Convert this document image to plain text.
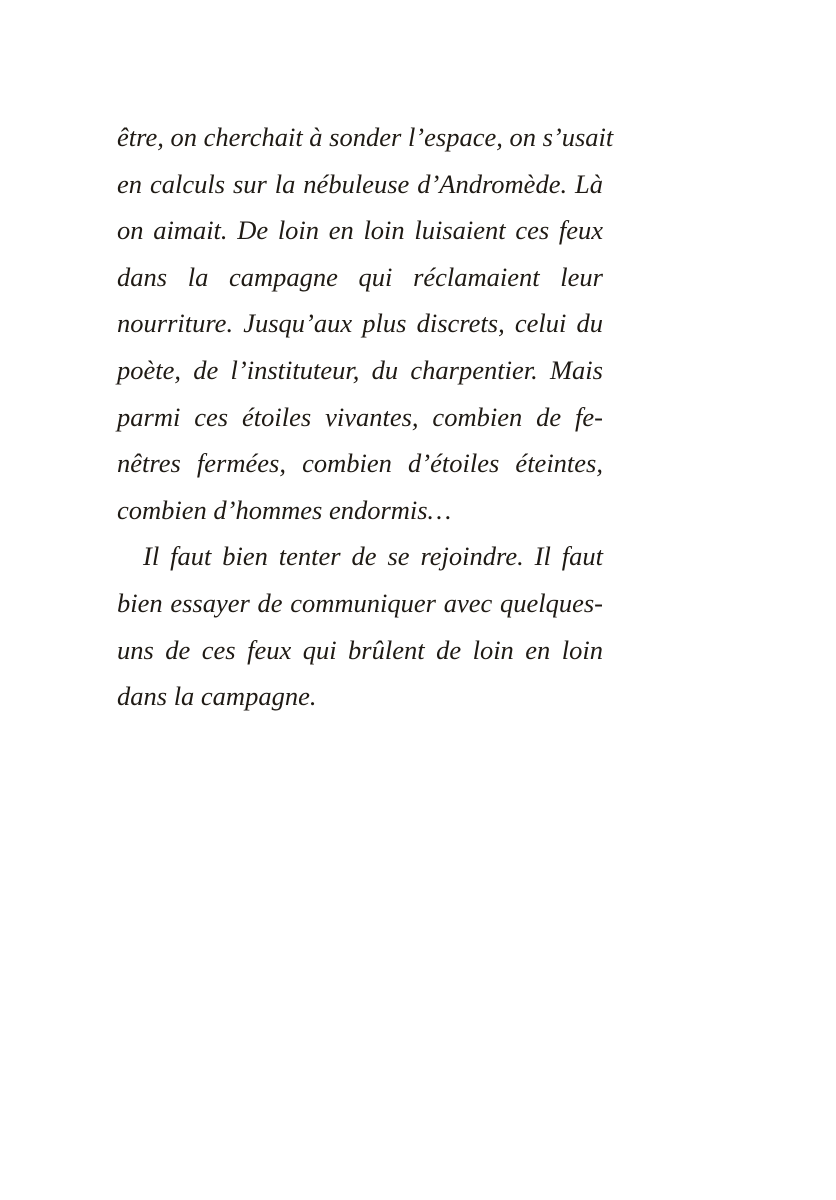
être, on cherchait à sonder l’espace, on s’usait
en calculs sur la nébuleuse d’Andromède. Là
on aimait. De loin en loin luisaient ces feux
dans la campagne qui réclamaient leur
nourriture. Jusqu’aux plus discrets, celui du
poète, de l’instituteur, du charpentier. Mais
parmi ces étoiles vivantes, combien de fe-
nêtres fermées, combien d’étoiles éteintes,
combien d’hommes endormis…
Il faut bien tenter de se rejoindre. Il faut
bien essayer de communiquer avec quelques-
uns de ces feux qui brûlent de loin en loin
dans la campagne.
